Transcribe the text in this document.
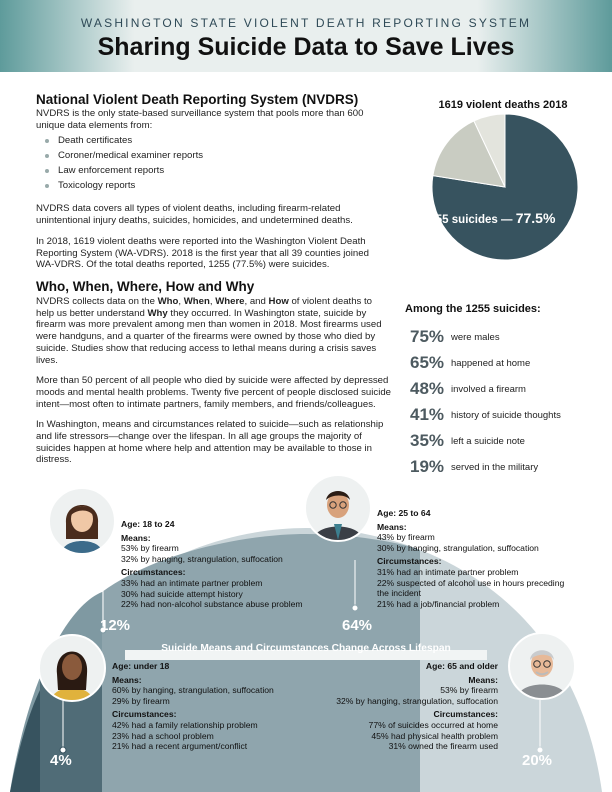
WASHINGTON STATE VIOLENT DEATH REPORTING SYSTEM
Sharing Suicide Data to Save Lives
National Violent Death Reporting System (NVDRS)

NVDRS is the only state-based surveillance system that pools more than 600 unique data elements from:

Death certificates
Coroner/medical examiner reports
Law enforcement reports
Toxicology reports

NVDRS data covers all types of violent deaths, including firearm-related unintentional injury deaths, suicides, homicides, and undetermined deaths.

In 2018, 1619 violent deaths were reported into the Washington Violent Death Reporting System (WA-VDRS). 2018 is the first year that all 39 counties joined WA-VDRS. Of the total deaths reported, 1255 (77.5%) were suicides.

Who, When, Where, How and Why

NVDRS collects data on the Who, When, Where, and How of violent deaths to help us better understand Why they occurred. In Washington state, suicide by firearm was more prevalent among men than women in 2018. Most firearms used were handguns, and a quarter of the firearms were owned by those who died by suicide. Studies show that reducing access to lethal means during a crisis saves lives.

More than 50 percent of all people who died by suicide were affected by depressed moods and mental health problems. Twenty five percent of people disclosed suicide intent—most often to intimate partners, family members, and friends/colleagues.

In Washington, means and circumstances related to suicide—such as relationship and life stressors—change over the lifespan. In all age groups the majority of suicides happen at home where help and attention may be available to those in distress.

1619 violent deaths 2018
1255 suicides — 77.5%
Among the 1255 suicides:
75% were males
65% happened at home
48% involved a firearm
41% history of suicide thoughts
35% left a suicide note
19% served in the military
Suicide Means and Circumstances Change Across Lifespan
Age: 18 to 24
Means:
53% by firearm
32% by hanging, strangulation, suffocation
Circumstances:
33% had an intimate partner problem
30% had suicide attempt history
22% had non-alcohol substance abuse problem
12%
Age: 25 to 64
Means:
43% by firearm
30% by hanging, strangulation, suffocation
Circumstances:
31% had an intimate partner problem
22% suspected of alcohol use in hours preceding the incident
21% had a job/financial problem
64%
Age: under 18
Means:
60% by hanging, strangulation, suffocation
29% by firearm
Circumstances:
42% had a family relationship problem
23% had a school problem
21% had a recent argument/conflict
4%
Age: 65 and older
Means:
53% by firearm
32% by hanging, strangulation, suffocation
Circumstances:
77% of suicides occurred at home
45% had physical health problem
31% owned the firearm used
20%
